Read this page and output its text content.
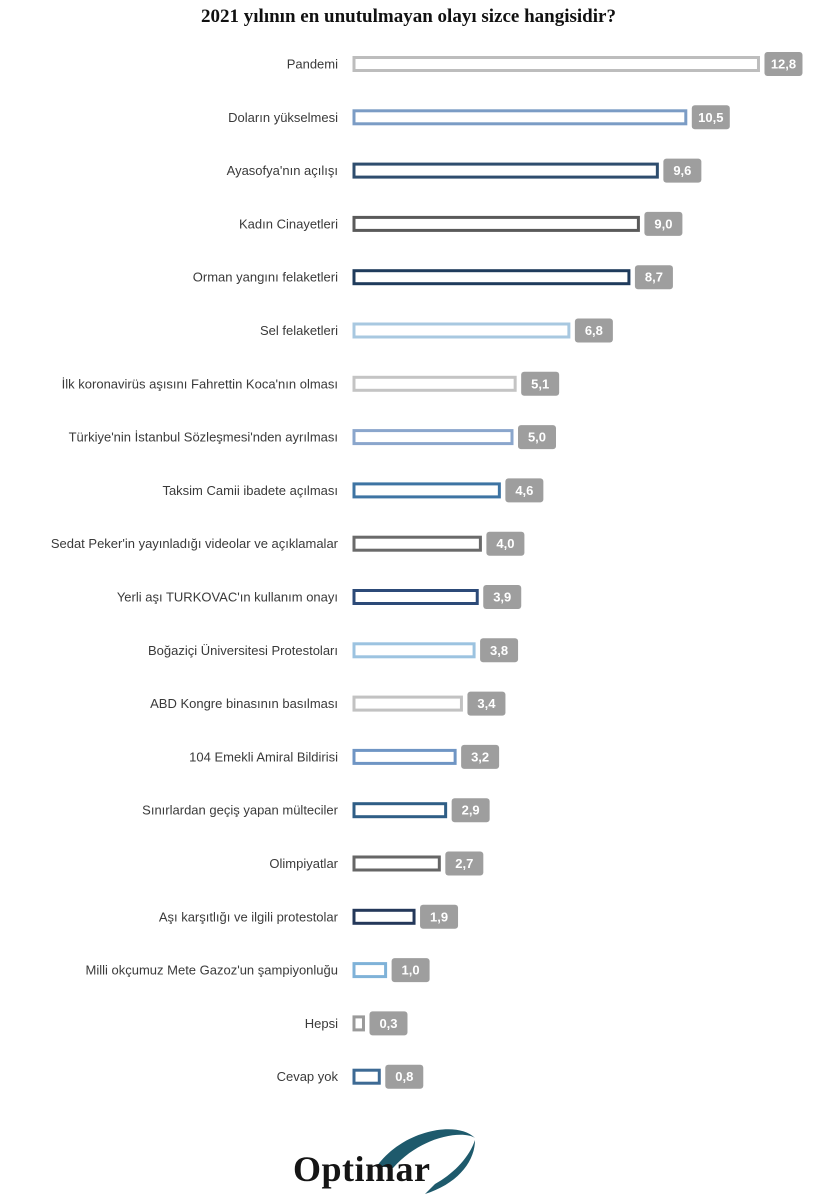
2021 yılının en unutulmayan olayı sizce hangisidir?
Pandemi	12,8
Doların yükselmesi	10,5
Ayasofya'nın açılışı	9,6
Kadın Cinayetleri	9,0
Orman yangını felaketleri	8,7
Sel felaketleri	6,8
İlk koronavirüs aşısını Fahrettin Koca'nın olması	5,1
Türkiye'nin İstanbul Sözleşmesi'nden ayrılması	5,0
Taksim Camii ibadete açılması	4,6
Sedat Peker'in yayınladığı videolar ve açıklamalar	4,0
Yerli aşı TURKOVAC'ın kullanım onayı	3,9
Boğaziçi Üniversitesi Protestoları	3,8
ABD Kongre binasının basılması	3,4
104 Emekli Amiral Bildirisi	3,2
Sınırlardan geçiş yapan mülteciler	2,9
Olimpiyatlar	2,7
Aşı karşıtlığı ve ilgili protestolar	1,9
Milli okçumuz Mete Gazoz'un şampiyonluğu	1,0
Hepsi	0,3
Cevap yok	0,8
Optimar
